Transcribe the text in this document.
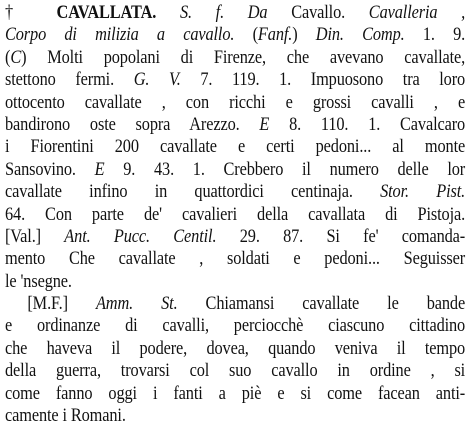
† CAVALLATA. S. f. Da Cavallo. Cavalleria ,
Corpo di milizia a cavallo. (Fanf.) Din. Comp. 1. 9.
(C) Molti popolani di Firenze, che avevano cavallate,
stettono fermi. G. V. 7. 119. 1. Impuosono tra loro
ottocento cavallate , con ricchi e grossi cavalli , e
bandirono oste sopra Arezzo. E 8. 110. 1. Cavalcaro
i Fiorentini 200 cavallate e certi pedoni... al monte
Sansovino. E 9. 43. 1. Crebbero il numero delle lor
cavallate infino in quattordici centinaja. Stor. Pist.
64. Con parte de' cavalieri della cavallata di Pistoja.
[Val.] Ant. Pucc. Centil. 29. 87. Si fe' comanda-
mento Che cavallate , soldati e pedoni... Seguisser
le 'nsegne.
[M.F.] Amm. St. Chiamansi cavallate le bande
e ordinanze di cavalli, perciocchè ciascuno cittadino
che haveva il podere, dovea, quando veniva il tempo
della guerra, trovarsi col suo cavallo in ordine , si
come fanno oggi i fanti a piè e si come facean anti-
camente i Romani.
